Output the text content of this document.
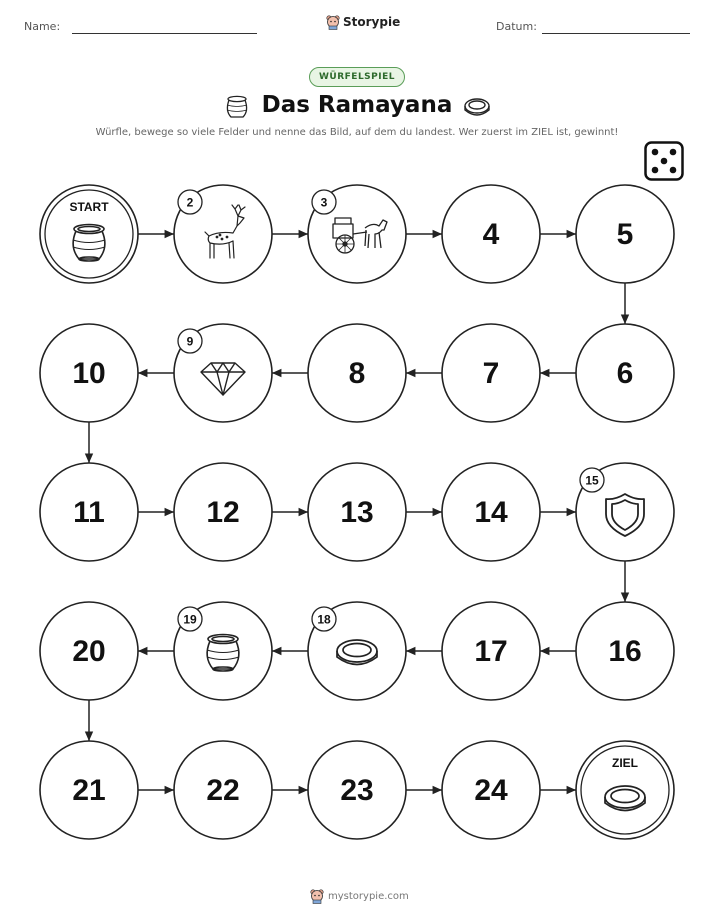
Name:	Storypie	Datum:
WÜRFELSPIEL
Das Ramayana
Würfle, bewege so viele Felder und nenne das Bild, auf dem du landest. Wer zuerst im ZIEL ist, gewinnt!
START	2	3
4	5
6
7
8
9
10
11	12	13	14
15
16
17
18
19
20
21	22	23	24
ZIEL
mystorypie.com
